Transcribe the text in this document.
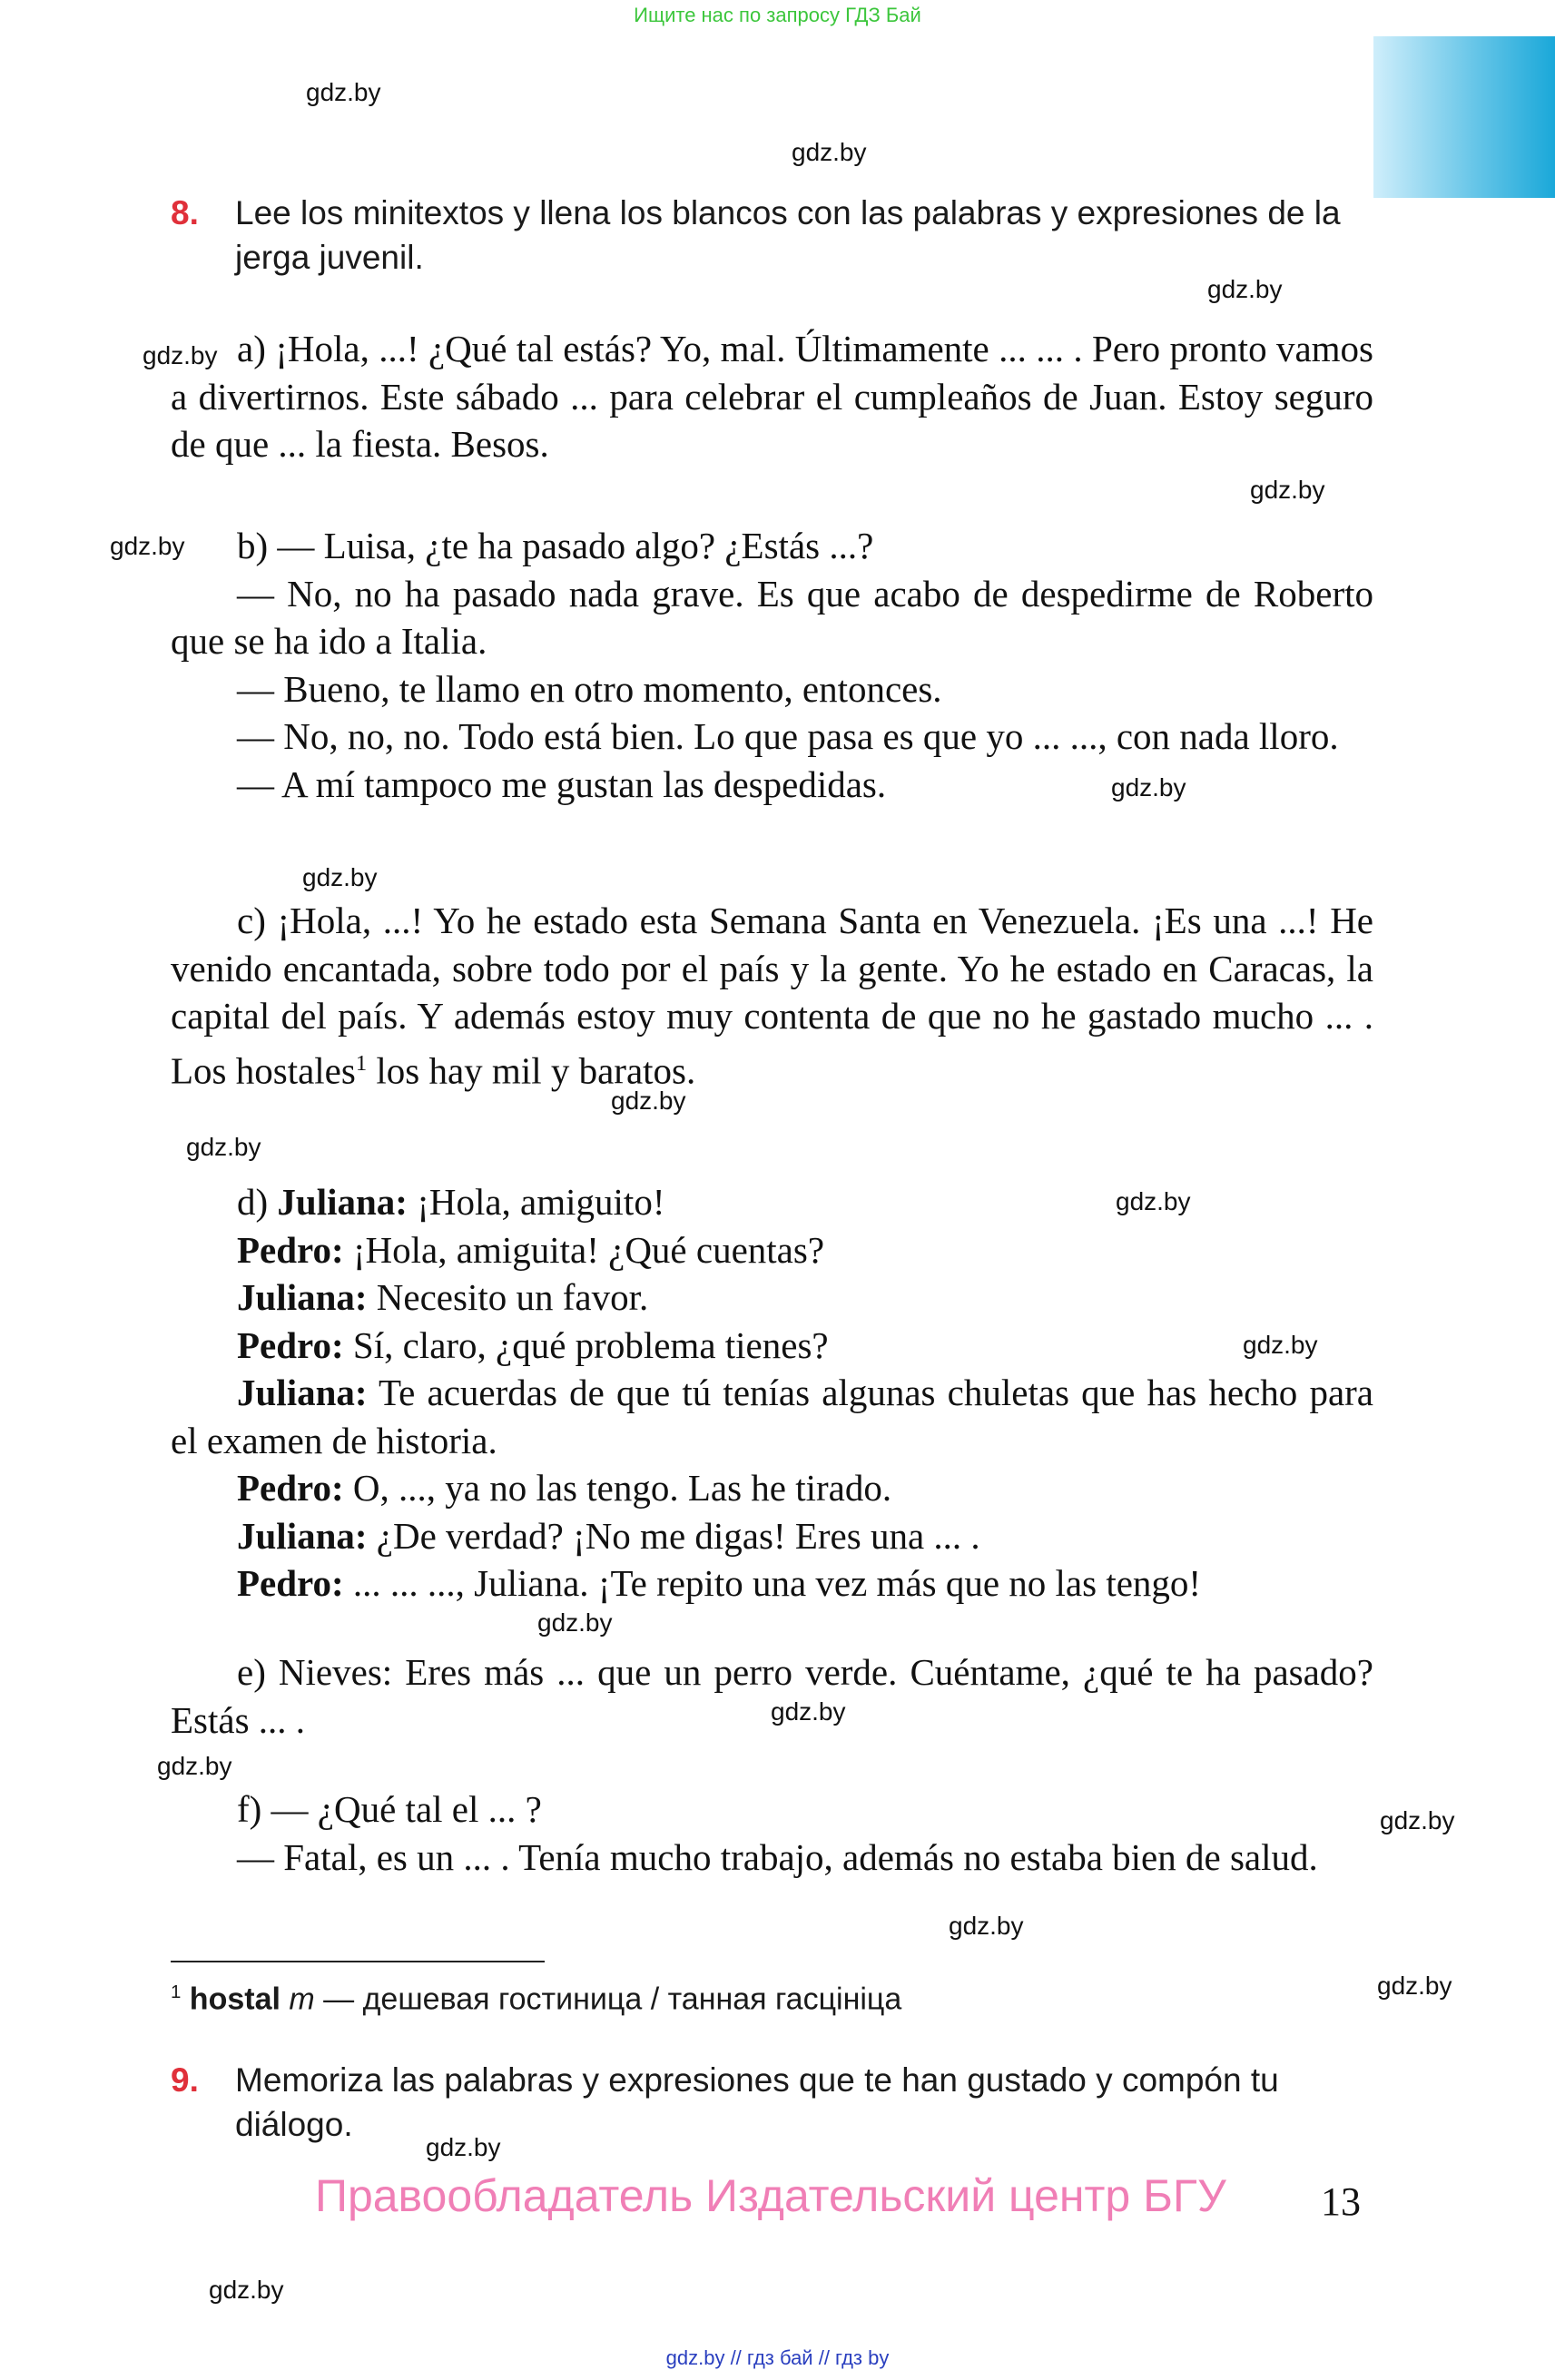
Ищите нас по запросу ГДЗ Бай
gdz.by
gdz.by
gdz.by
gdz.by
gdz.by
gdz.by
gdz.by
gdz.by
gdz.by
gdz.by
gdz.by
gdz.by
gdz.by
gdz.by
gdz.by
gdz.by
gdz.by
gdz.by
gdz.by
gdz.by
8. Lee los minitextos y llena los blancos con las palabras y expresiones de la jerga juvenil.

a) ¡Hola, ...! ¿Qué tal estás? Yo, mal. Últimamente ... ... . Pero pronto vamos a divertirnos. Este sábado ... para celebrar el cumpleaños de Juan. Estoy seguro de que ... la fiesta. Besos.

b) — Luisa, ¿te ha pasado algo? ¿Estás ...?

— No, no ha pasado nada grave. Es que acabo de despedirme de Roberto que se ha ido a Italia.

— Bueno, te llamo en otro momento, entonces.

— No, no, no. Todo está bien. Lo que pasa es que yo ... ..., con nada lloro.

— A mí tampoco me gustan las despedidas.

c) ¡Hola, ...! Yo he estado esta Semana Santa en Venezuela. ¡Es una ...! He venido encantada, sobre todo por el país y la gente. Yo he estado en Caracas, la capital del país. Y además estoy muy contenta de que no he gastado mucho ... . Los hostales$^1$ los hay mil y baratos.

d) Juliana: ¡Hola, amiguito!

Pedro: ¡Hola, amiguita! ¿Qué cuentas?

Juliana: Necesito un favor.

Pedro: Sí, claro, ¿qué problema tienes?

Juliana: Te acuerdas de que tú tenías algunas chuletas que has hecho para el examen de historia.

Pedro: O, ..., ya no las tengo. Las he tirado.

Juliana: ¿De verdad? ¡No me digas! Eres una ... .

Pedro: ... ... ..., Juliana. ¡Te repito una vez más que no las tengo!

e) Nieves: Eres más ... que un perro verde. Cuéntame, ¿qué te ha pasado? Estás ... .

f) — ¿Qué tal el ... ?

— Fatal, es un ... . Tenía mucho trabajo, además no estaba bien de salud.

$^1$ hostal m — дешевая гостиница / танная гасцініца
9. Memoriza las palabras y expresiones que te han gustado y compón tu diálogo.
Правообладатель Издательский центр БГУ 13
gdz.by // гдз бай // гдз by
